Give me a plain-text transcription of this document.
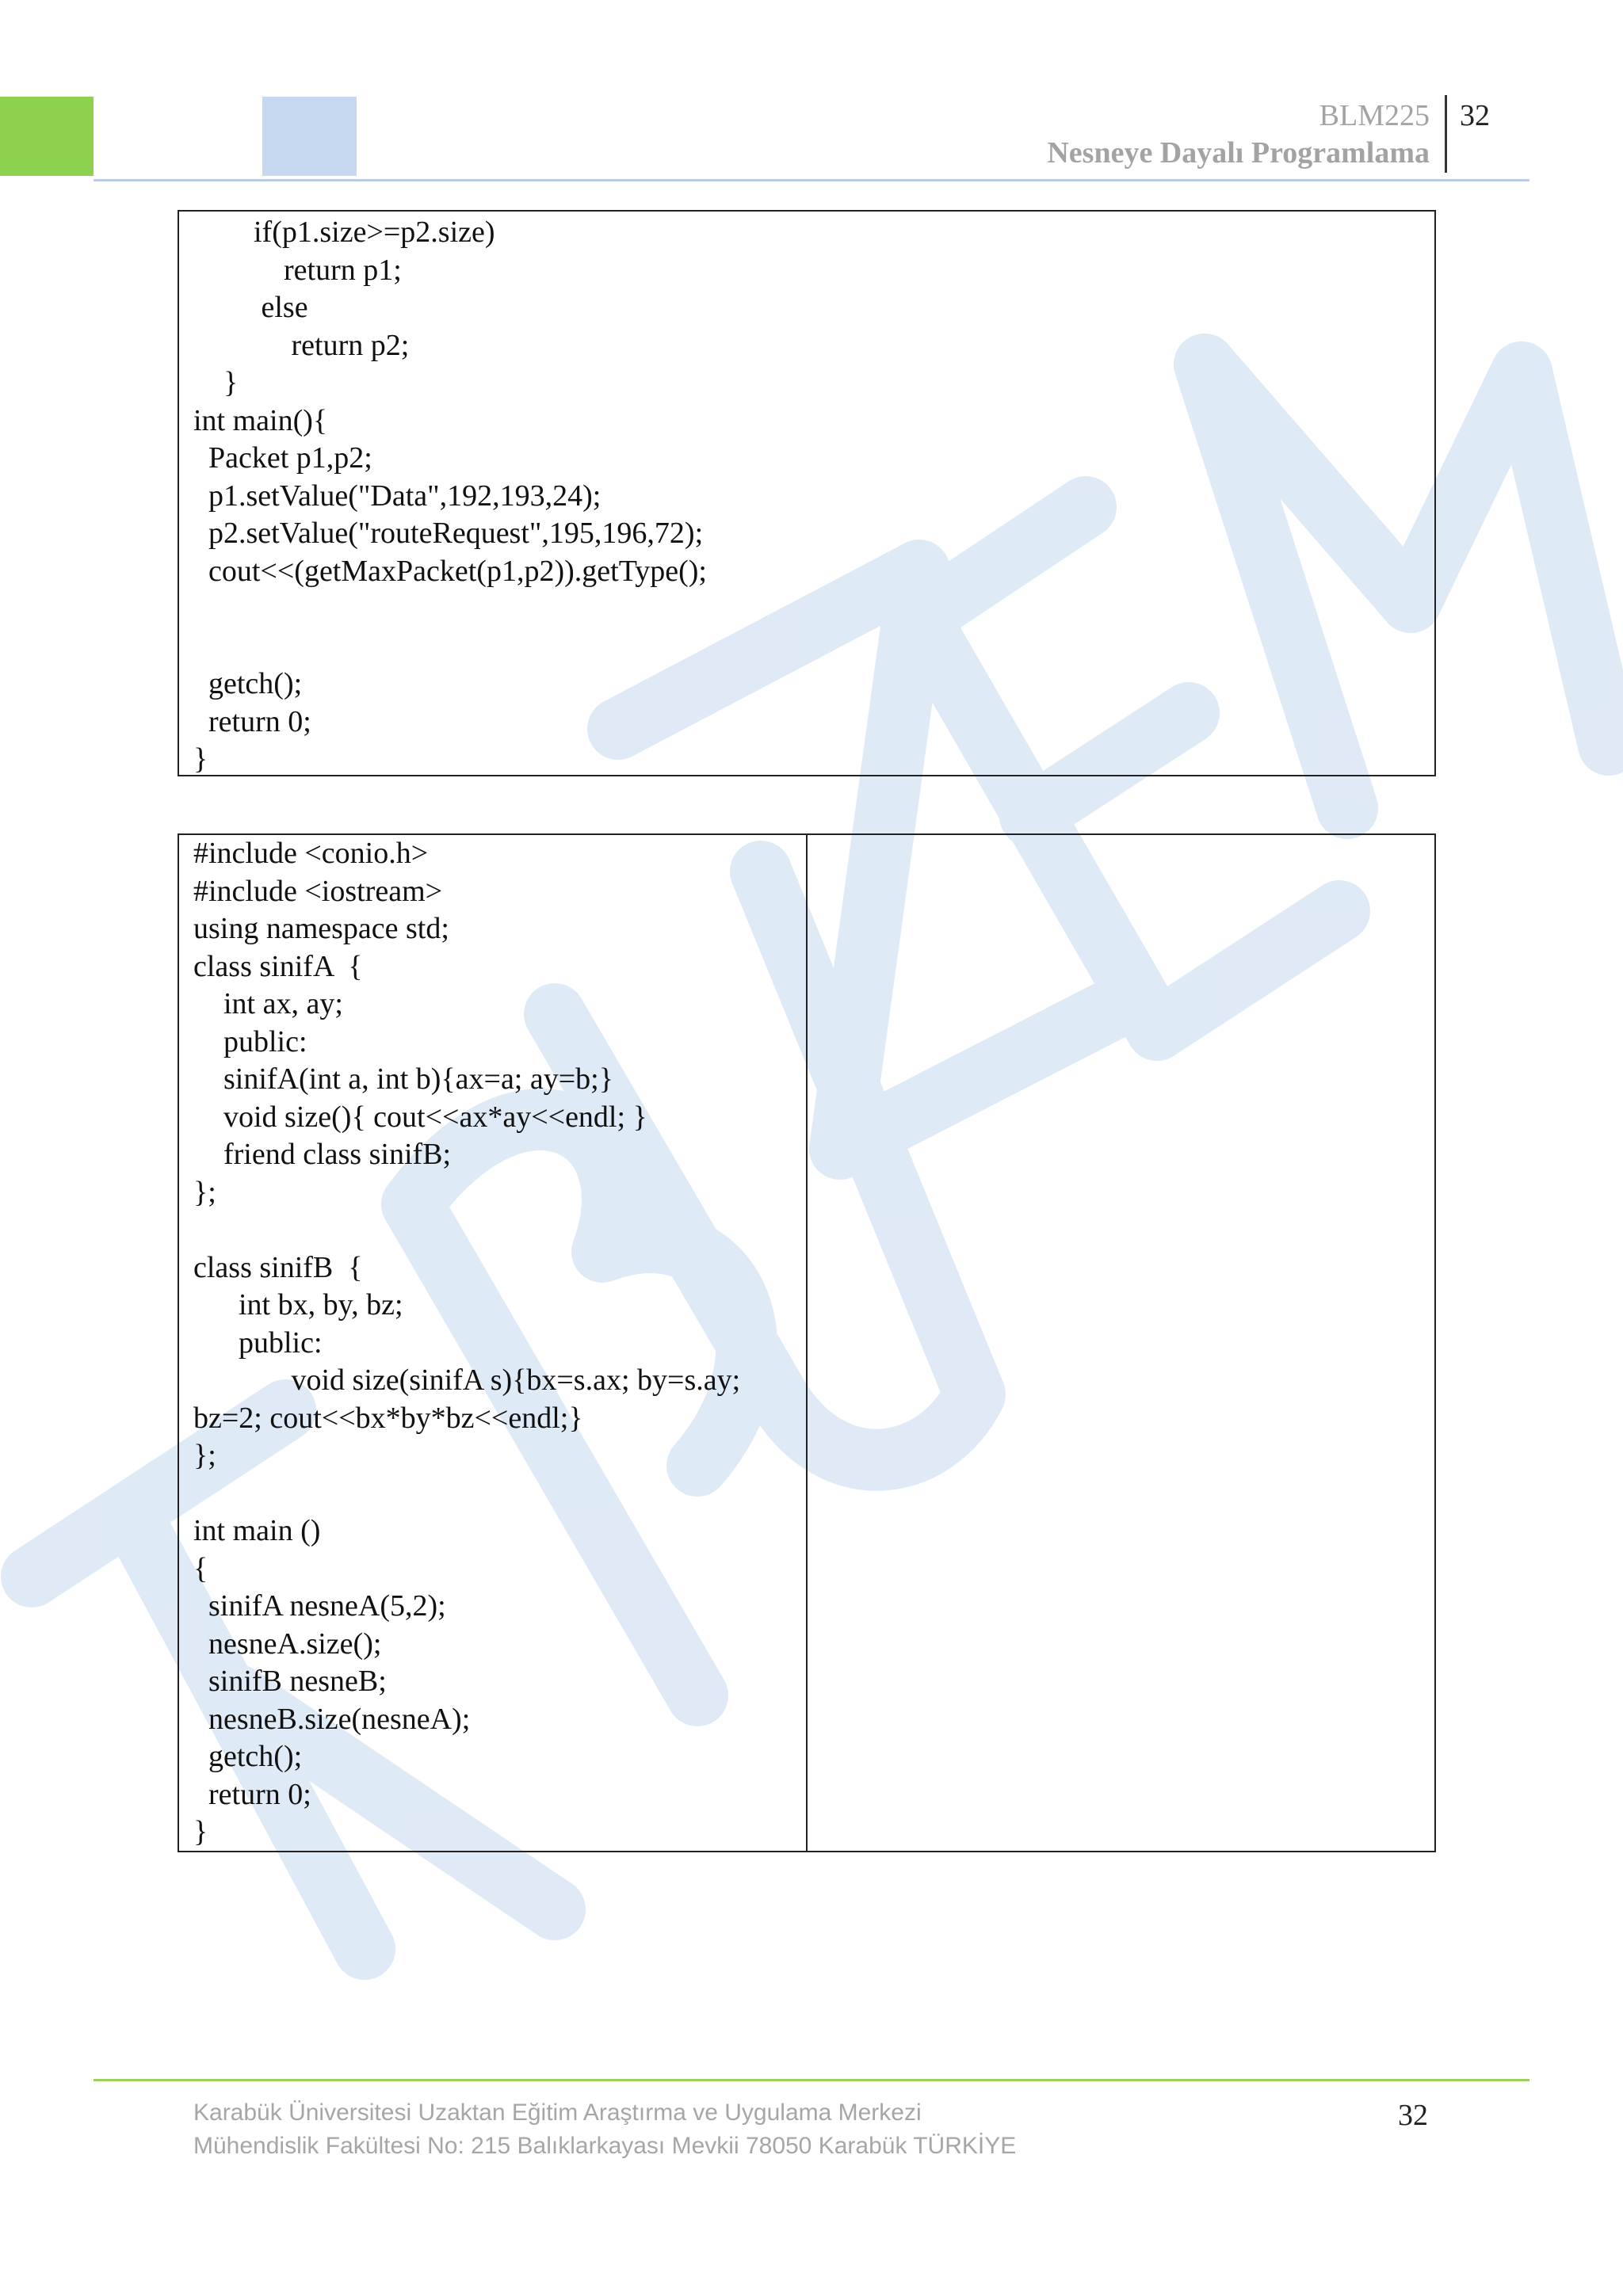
BLM225
Nesneye Dayalı Programlama
32
if(p1.size>=p2.size)
return p1;
else
return p2;
}
int main(){
Packet p1,p2;
p1.setValue("Data",192,193,24);
p2.setValue("routeRequest",195,196,72);
cout<<(getMaxPacket(p1,p2)).getType();

getch();
return 0;
}
#include <conio.h>
#include <iostream>
using namespace std;
class sinifA  {
int ax, ay;
public:
sinifA(int a, int b){ax=a; ay=b;}
void size(){ cout<<ax*ay<<endl; }
friend class sinifB;
};

class sinifB  {
int bx, by, bz;
public:
void size(sinifA s){bx=s.ax; by=s.ay;
bz=2; cout<<bx*by*bz<<endl;}
};

int main ()
{
sinifA nesneA(5,2);
nesneA.size();
sinifB nesneB;
nesneB.size(nesneA);
getch();
return 0;
}
Karabük Üniversitesi Uzaktan Eğitim Araştırma ve Uygulama Merkezi
Mühendislik Fakültesi No: 215 Balıklarkayası Mevkii 78050 Karabük TÜRKİYE
32
